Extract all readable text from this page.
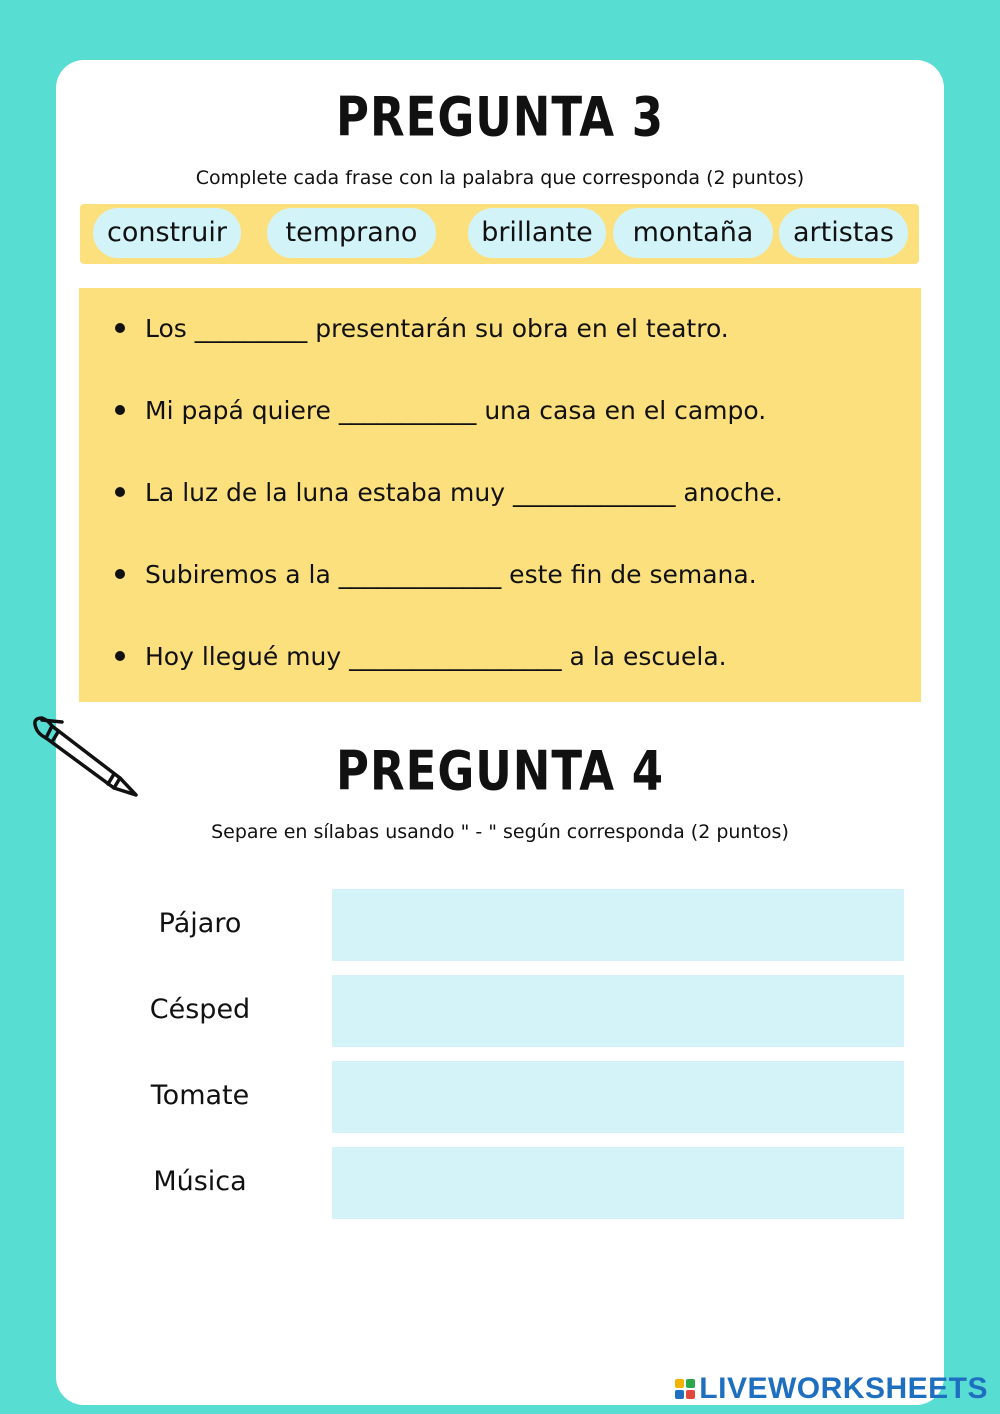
PREGUNTA 3
Complete cada frase con la palabra que corresponda (2 puntos)
construir	temprano	brillante	montaña	artistas
Los _________ presentarán su obra en el teatro.
Mi papá quiere ___________ una casa en el campo.
La luz de la luna estaba muy _____________ anoche.
Subiremos a la _____________ este fin de semana.
Hoy llegué muy _________________ a la escuela.
PREGUNTA 4
Separe en sílabas usando " - " según corresponda (2 puntos)
Pájaro
Césped
Tomate
Música
LIVEWORKSHEETS
